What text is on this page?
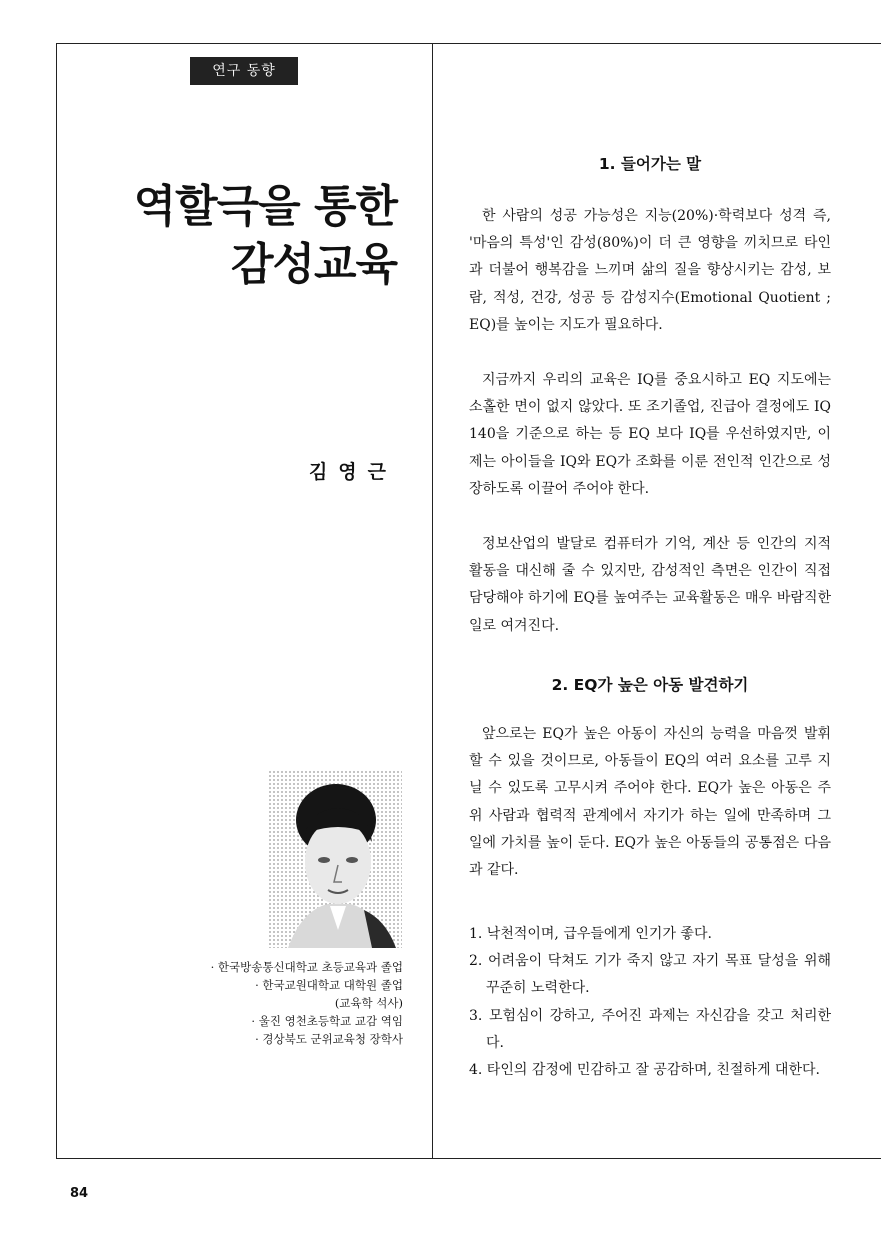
연구 동향
역할극을 통한
감성교육
김영근
· 한국방송통신대학교 초등교육과 졸업
· 한국교원대학교 대학원 졸업
(교육학 석사)
· 울진 영천초등학교 교감 역임
· 경상북도 군위교육청 장학사
1. 들어가는 말

한 사람의 성공 가능성은 지능(20%)·학력보다 성격 즉, '마음의 특성'인 감성(80%)이 더 큰 영향을 끼치므로 타인과 더불어 행복감을 느끼며 삶의 질을 향상시키는 감성, 보람, 적성, 건강, 성공 등 감성지수(Emotional Quotient ; EQ)를 높이는 지도가 필요하다.

지금까지 우리의 교육은 IQ를 중요시하고 EQ 지도에는 소홀한 면이 없지 않았다. 또 조기졸업, 진급아 결정에도 IQ 140을 기준으로 하는 등 EQ 보다 IQ를 우선하였지만, 이제는 아이들을 IQ와 EQ가 조화를 이룬 전인적 인간으로 성장하도록 이끌어 주어야 한다.

정보산업의 발달로 컴퓨터가 기억, 계산 등 인간의 지적 활동을 대신해 줄 수 있지만, 감성적인 측면은 인간이 직접 담당해야 하기에 EQ를 높여주는 교육활동은 매우 바람직한 일로 여겨진다.

2. EQ가 높은 아동 발견하기

앞으로는 EQ가 높은 아동이 자신의 능력을 마음껏 발휘할 수 있을 것이므로, 아동들이 EQ의 여러 요소를 고루 지닐 수 있도록 고무시켜 주어야 한다. EQ가 높은 아동은 주위 사람과 협력적 관계에서 자기가 하는 일에 만족하며 그 일에 가치를 높이 둔다. EQ가 높은 아동들의 공통점은 다음과 같다.

1. 낙천적이며, 급우들에게 인기가 좋다.
2. 어려움이 닥쳐도 기가 죽지 않고 자기 목표 달성을 위해 꾸준히 노력한다.
3. 모험심이 강하고, 주어진 과제는 자신감을 갖고 처리한다.
4. 타인의 감정에 민감하고 잘 공감하며, 친절하게 대한다.
84
